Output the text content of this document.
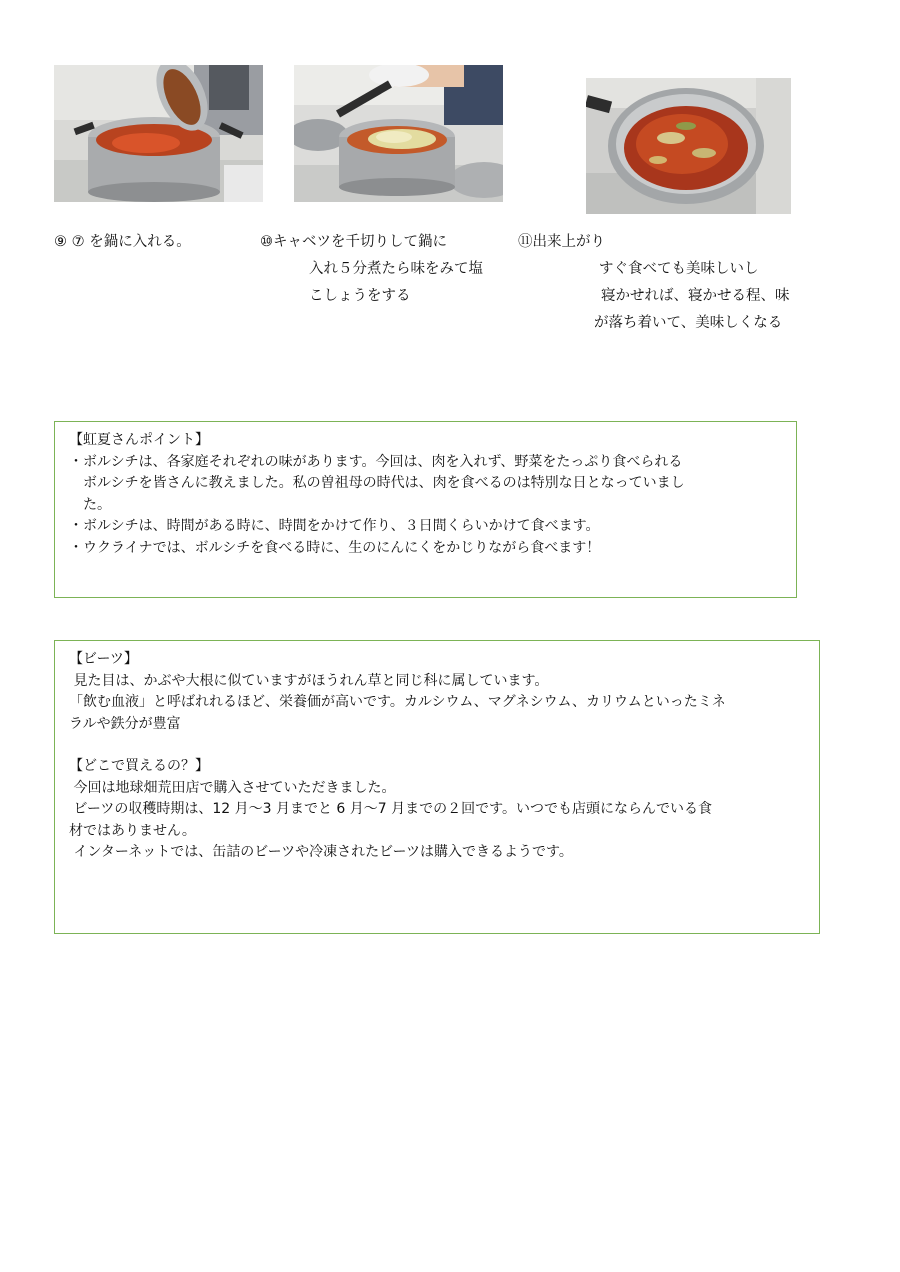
⑨ ⑦ を鍋に入れる。	⑩キャベツを千切りして鍋に
入れ５分煮たら味をみて塩
こしょうをする
⑪出来上がり
すぐ食べても美味しいし
寝かせれば、寝かせる程、味
が落ち着いて、美味しくなる
【虹夏さんポイント】
・ボルシチは、各家庭それぞれの味があります。今回は、肉を入れず、野菜をたっぷり食べられる
ボルシチを皆さんに教えました。私の曽祖母の時代は、肉を食べるのは特別な日となっていまし
た。
・ボルシチは、時間がある時に、時間をかけて作り、３日間くらいかけて食べます。
・ウクライナでは、ボルシチを食べる時に、生のにんにくをかじりながら食べます！
【ビーツ】
見た目は、かぶや大根に似ていますがほうれん草と同じ科に属しています。
「飲む血液」と呼ばれれるほど、栄養価が高いです。カルシウム、マグネシウム、カリウムといったミネ
ラルや鉄分が豊富
【どこで買えるの？】
今回は地球畑荒田店で購入させていただきました。
ビーツの収穫時期は、12 月～3 月までと 6 月～7 月までの２回です。いつでも店頭にならんでいる食
材ではありません。
インターネットでは、缶詰のビーツや冷凍されたビーツは購入できるようです。
